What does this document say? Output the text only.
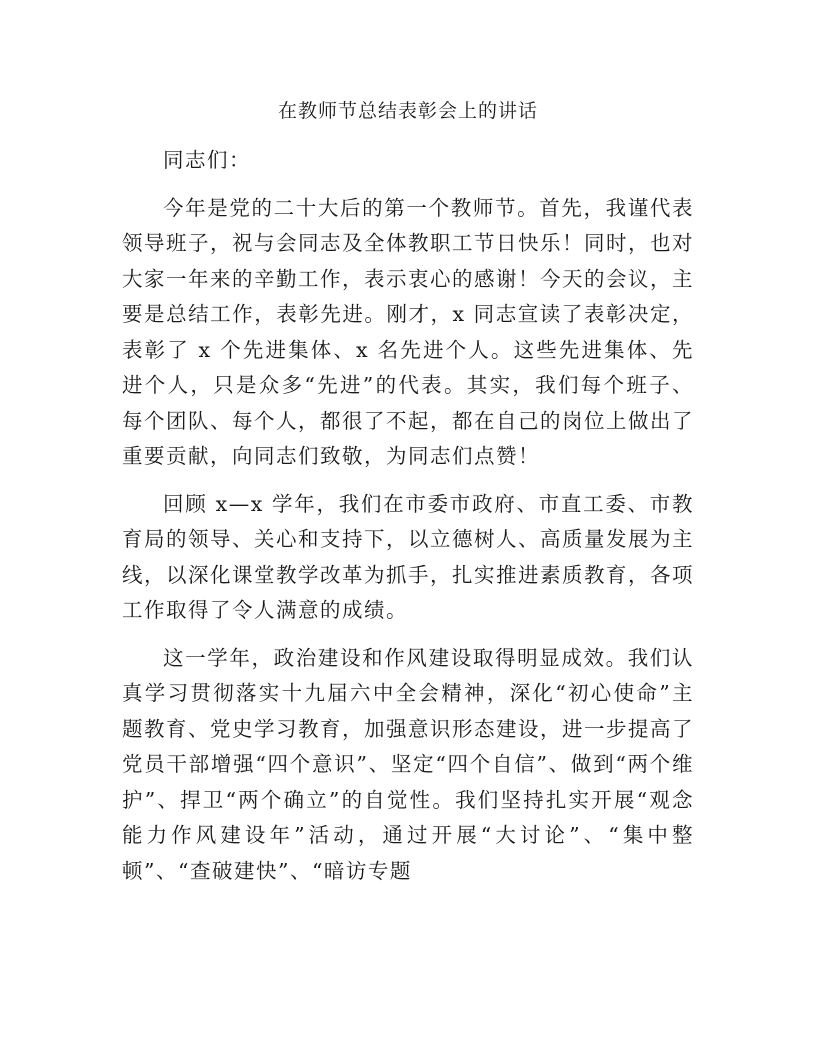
在教师节总结表彰会上的讲话

同志们：

今年是党的二十大后的第一个教师节。首先，我谨代表领导班子，祝与会同志及全体教职工节日快乐！同时，也对大家一年来的辛勤工作，表示衷心的感谢！今天的会议，主要是总结工作，表彰先进。刚才，x 同志宣读了表彰决定，表彰了 x 个先进集体、x 名先进个人。这些先进集体、先进个人，只是众多“先进”的代表。其实，我们每个班子、每个团队、每个人，都很了不起，都在自己的岗位上做出了重要贡献，向同志们致敬，为同志们点赞！

回顾 x—x 学年，我们在市委市政府、市直工委、市教育局的领导、关心和支持下，以立德树人、高质量发展为主线，以深化课堂教学改革为抓手，扎实推进素质教育，各项工作取得了令人满意的成绩。

这一学年，政治建设和作风建设取得明显成效。我们认真学习贯彻落实十九届六中全会精神，深化“初心使命”主题教育、党史学习教育，加强意识形态建设，进一步提高了党员干部增强“四个意识”、坚定“四个自信”、做到“两个维护”、捍卫“两个确立”的自觉性。我们坚持扎实开展“观念能力作风建设年”活动，通过开展“大讨论”、“集中整顿”、“查破建快”、“暗访专题
